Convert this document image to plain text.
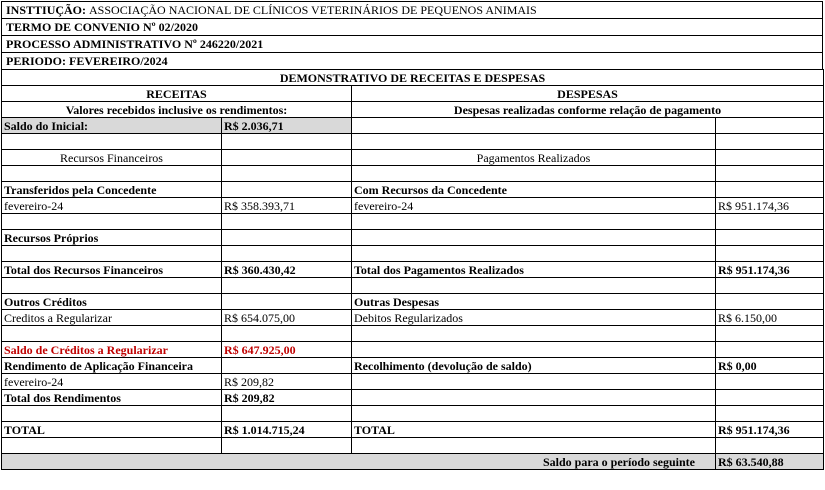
INSTTIUÇÃO: ASSOCIAÇÃO NACIONAL DE CLÍNICOS VETERINÁRIOS DE PEQUENOS ANIMAIS
TERMO DE CONVENIO Nº 02/2020
PROCESSO ADMINISTRATIVO Nº 246220/2021
PERIODO: FEVEREIRO/2024
DEMONSTRATIVO DE RECEITAS E DESPESAS			
RECEITAS		DESPESAS	
Valores recebidos inclusive os rendimentos:		Despesas realizadas conforme relação de pagamento	
Saldo do Inicial:	R$ 2.036,71		

Recursos Financeiros		Pagamentos Realizados	

Transferidos pela Concedente		Com Recursos da Concedente	
fevereiro-24	R$ 358.393,71	fevereiro-24	R$ 951.174,36

Recursos Próprios			

Total dos Recursos Financeiros	R$ 360.430,42	Total dos Pagamentos Realizados	R$ 951.174,36

Outros Créditos		Outras Despesas	
Creditos a Regularizar	R$ 654.075,00	Debitos Regularizados	R$ 6.150,00

Saldo de Créditos a Regularizar	R$ 647.925,00		
Rendimento de Aplicação Financeira		Recolhimento (devolução de saldo)	R$ 0,00
fevereiro-24	R$ 209,82		
Total dos Rendimentos	R$ 209,82		

TOTAL	R$ 1.014.715,24	TOTAL	R$ 951.174,36

Saldo para o período seguinte			R$ 63.540,88
